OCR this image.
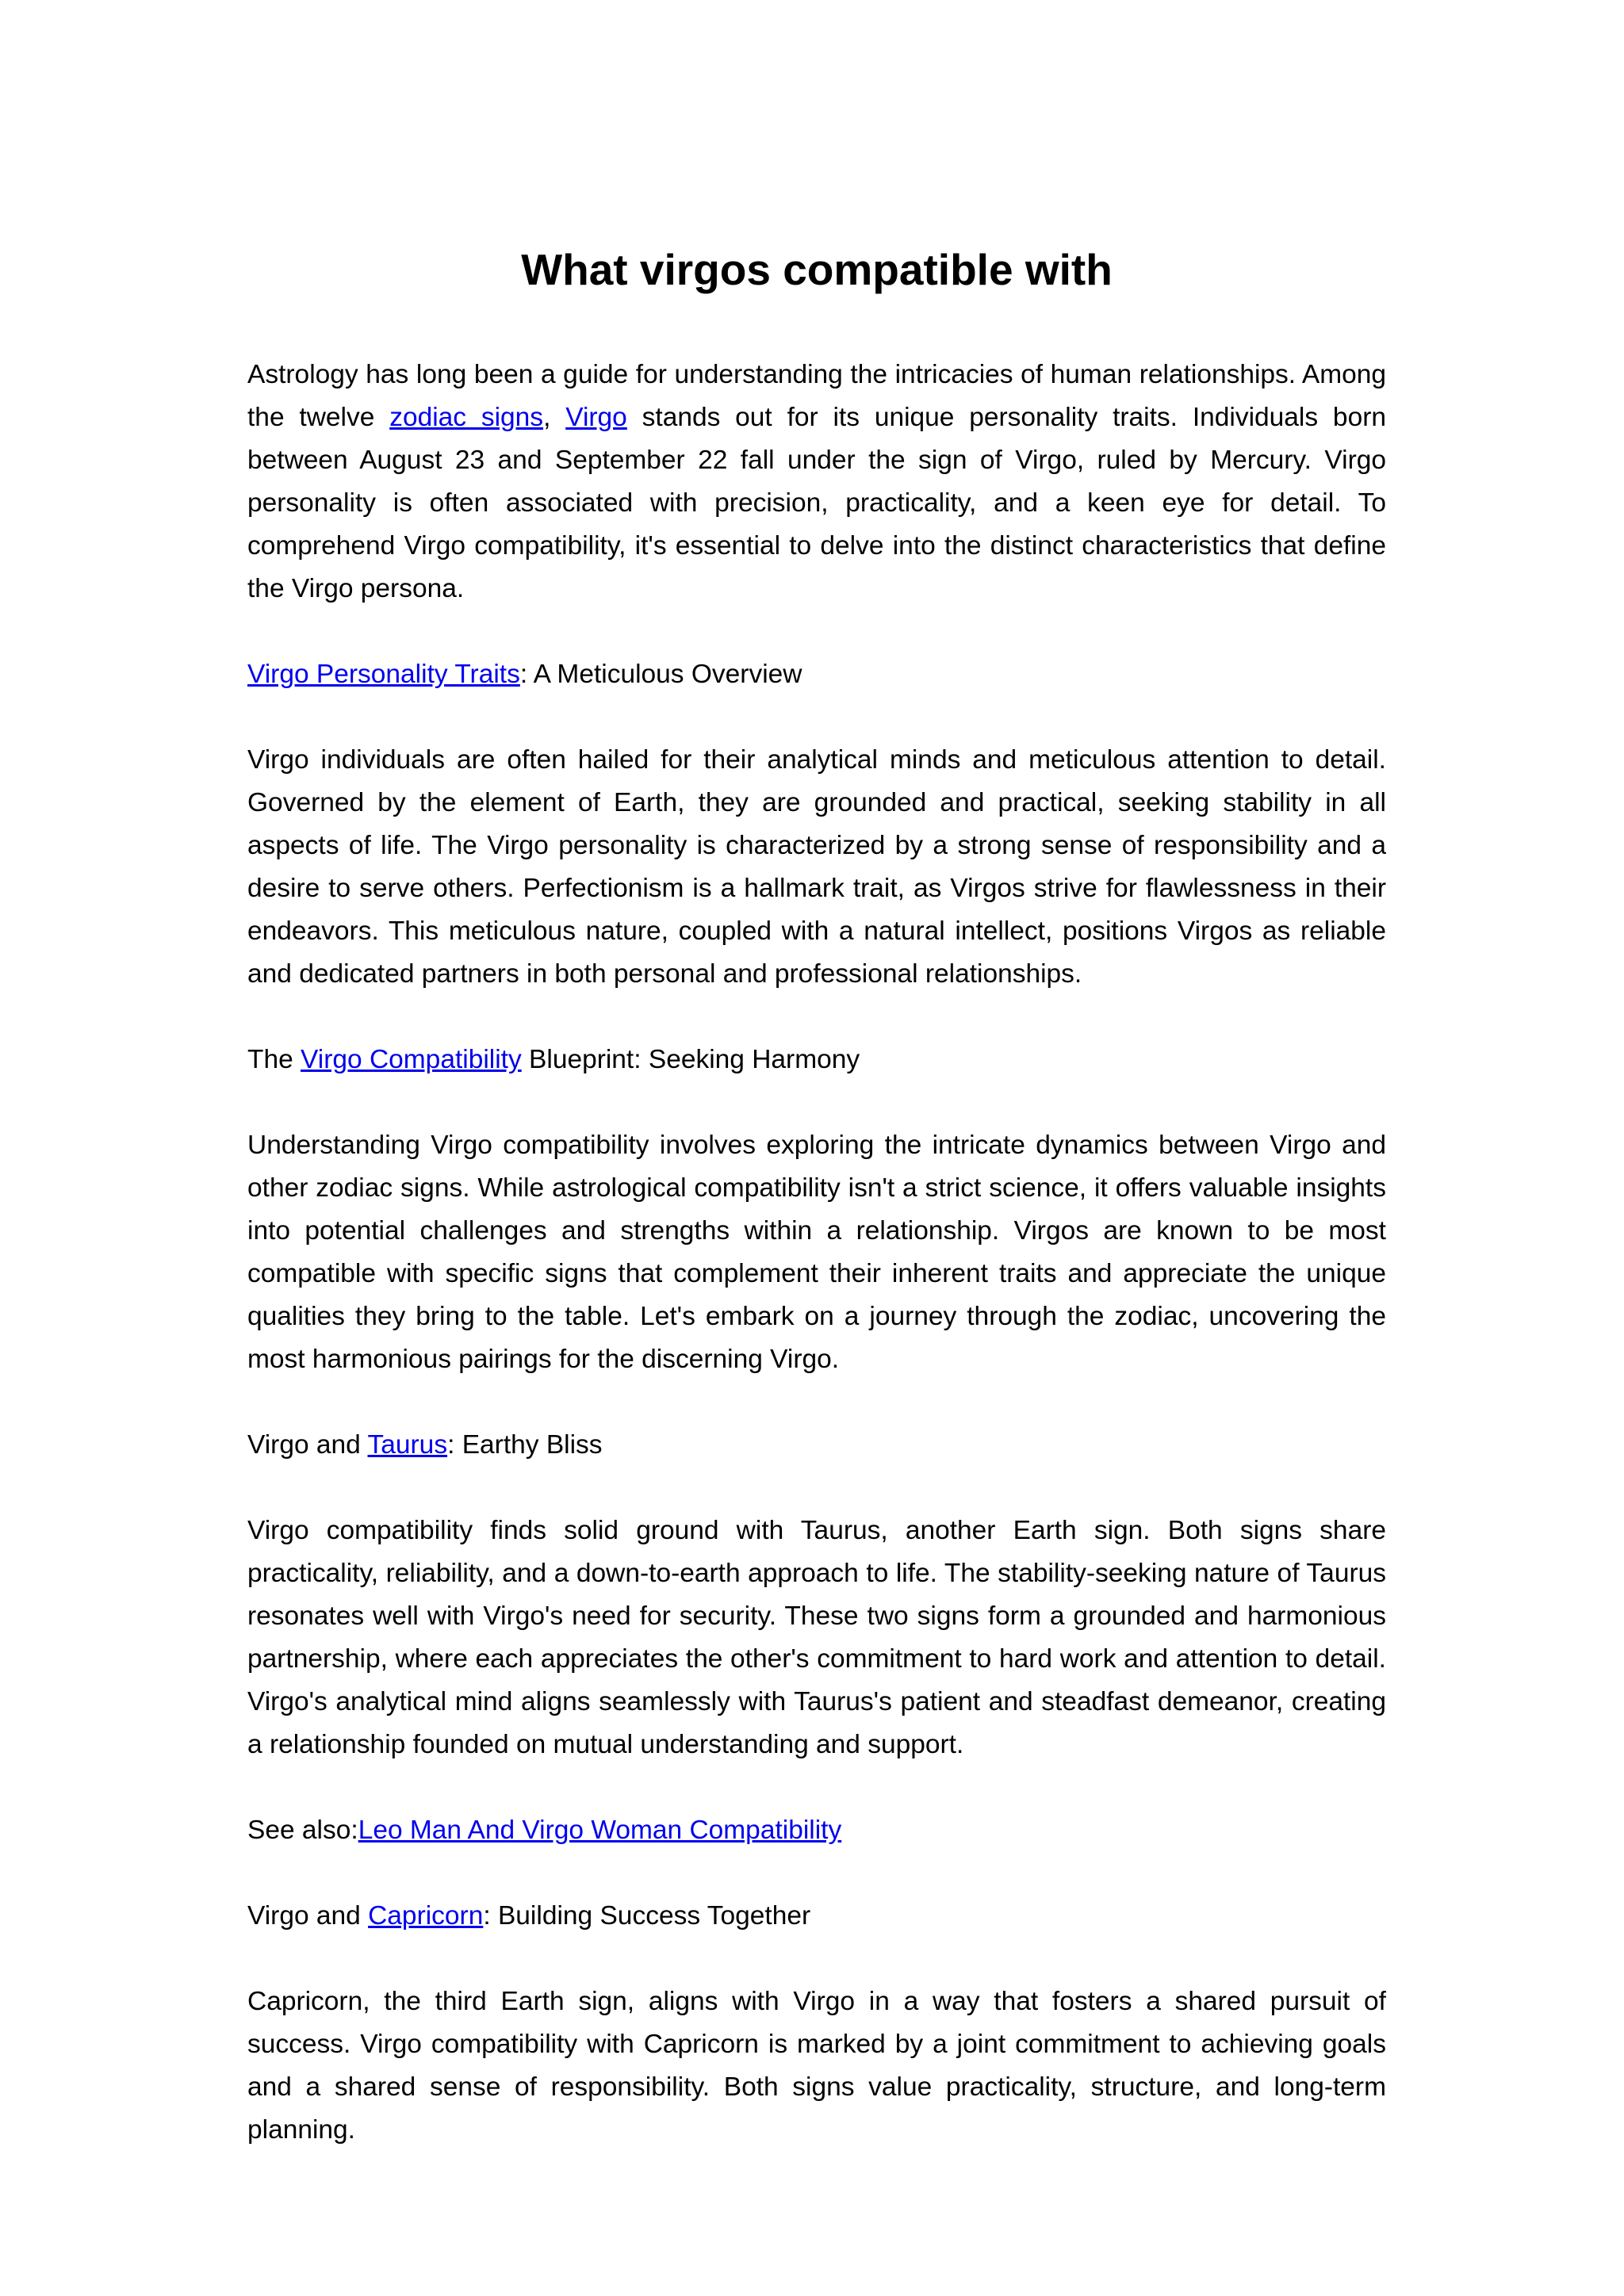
What virgos compatible with

Astrology has long been a guide for understanding the intricacies of human relationships. Among the twelve zodiac signs, Virgo stands out for its unique personality traits. Individuals born between August 23 and September 22 fall under the sign of Virgo, ruled by Mercury. Virgo personality is often associated with precision, practicality, and a keen eye for detail. To comprehend Virgo compatibility, it's essential to delve into the distinct characteristics that define the Virgo persona.

Virgo Personality Traits: A Meticulous Overview

Virgo individuals are often hailed for their analytical minds and meticulous attention to detail. Governed by the element of Earth, they are grounded and practical, seeking stability in all aspects of life. The Virgo personality is characterized by a strong sense of responsibility and a desire to serve others. Perfectionism is a hallmark trait, as Virgos strive for flawlessness in their endeavors. This meticulous nature, coupled with a natural intellect, positions Virgos as reliable and dedicated partners in both personal and professional relationships.

The Virgo Compatibility Blueprint: Seeking Harmony

Understanding Virgo compatibility involves exploring the intricate dynamics between Virgo and other zodiac signs. While astrological compatibility isn't a strict science, it offers valuable insights into potential challenges and strengths within a relationship. Virgos are known to be most compatible with specific signs that complement their inherent traits and appreciate the unique qualities they bring to the table. Let's embark on a journey through the zodiac, uncovering the most harmonious pairings for the discerning Virgo.

Virgo and Taurus: Earthy Bliss

Virgo compatibility finds solid ground with Taurus, another Earth sign. Both signs share practicality, reliability, and a down-to-earth approach to life. The stability-seeking nature of Taurus resonates well with Virgo's need for security. These two signs form a grounded and harmonious partnership, where each appreciates the other's commitment to hard work and attention to detail. Virgo's analytical mind aligns seamlessly with Taurus's patient and steadfast demeanor, creating a relationship founded on mutual understanding and support.

See also:Leo Man And Virgo Woman Compatibility

Virgo and Capricorn: Building Success Together

Capricorn, the third Earth sign, aligns with Virgo in a way that fosters a shared pursuit of success. Virgo compatibility with Capricorn is marked by a joint commitment to achieving goals and a shared sense of responsibility. Both signs value practicality, structure, and long-term planning.
